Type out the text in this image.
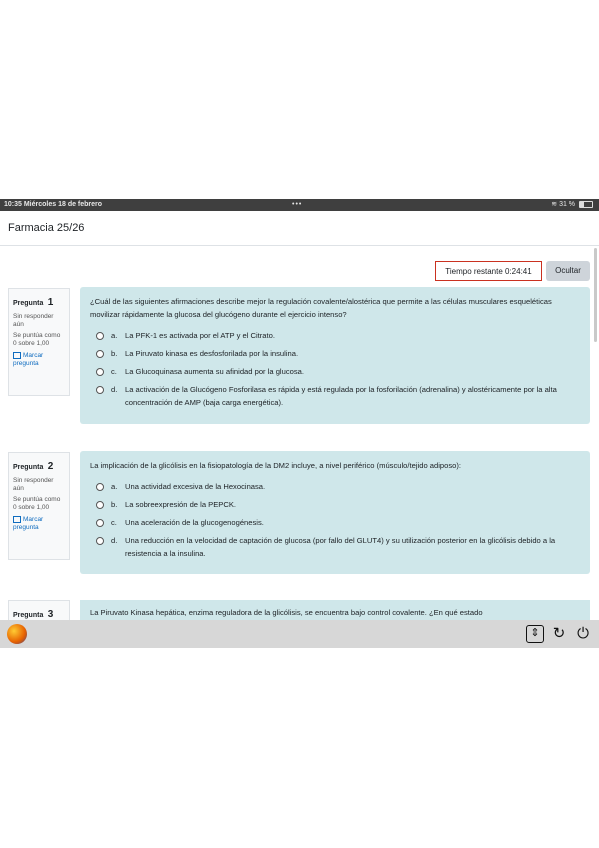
10:35 Miércoles 18 de febrero	•••	≋ 31 %
Farmacia 25/26
Tiempo restante 0:24:41	Ocultar
Pregunta 1
Sin responder aún
Se puntúa como 0 sobre 1,00
Marcar pregunta
¿Cuál de las siguientes afirmaciones describe mejor la regulación covalente/alostérica que permite a las células musculares esqueléticas movilizar rápidamente la glucosa del glucógeno durante el ejercicio intenso?
a.	La PFK-1 es activada por el ATP y el Citrato.
b.	La Piruvato kinasa es desfosforilada por la insulina.
c.	La Glucoquinasa aumenta su afinidad por la glucosa.
d.	La activación de la Glucógeno Fosforilasa es rápida y está regulada por la fosforilación (adrenalina) y alostéricamente por la alta concentración de AMP (baja carga energética).
Pregunta 2
Sin responder aún
Se puntúa como 0 sobre 1,00
Marcar pregunta
La implicación de la glicólisis en la fisiopatología de la DM2 incluye, a nivel periférico (músculo/tejido adiposo):
a.	Una actividad excesiva de la Hexocinasa.
b.	La sobreexpresión de la PEPCK.
c.	Una aceleración de la glucogenogénesis.
d.	Una reducción en la velocidad de captación de glucosa (por fallo del GLUT4) y su utilización posterior en la glicólisis debido a la resistencia a la insulina.
Pregunta 3	La Piruvato Kinasa hepática, enzima reguladora de la glicólisis, se encuentra bajo control covalente. ¿En qué estado
⇕ ↻ ⏻
